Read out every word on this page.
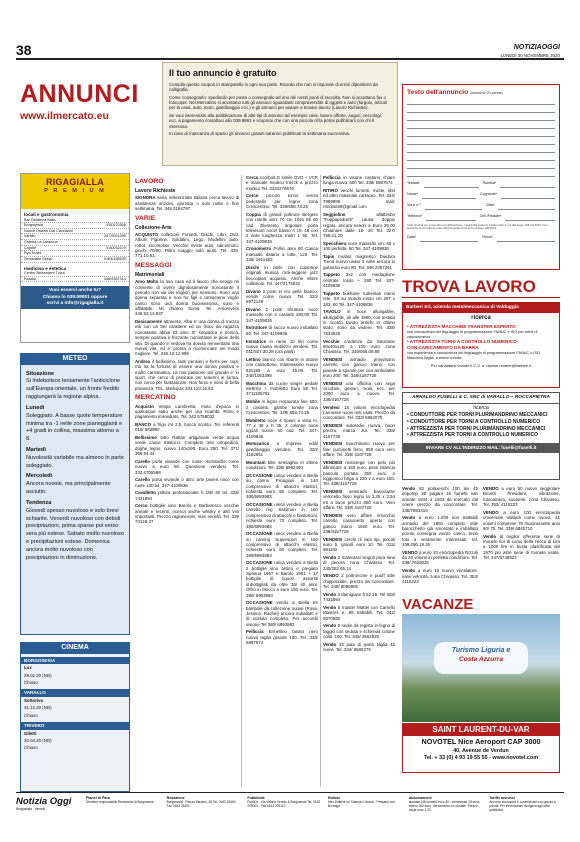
38	NOTIZIAOGGI
LUNEDÌ 30 NOVEMBRE 2020
ANNUNCI
www.ilmercato.eu
Il tuo annuncio è gratuito

Compila questo coupon in stampatello in ogni sua parte. Ricorda che non si risponde di errori dipendenti da calligrafia.

Come consegnarlo: spediscilo per posta o consegnalo ad uno dei nostri punti di raccolta. Non si accettano fax o fotocopie. Nel Mercatino si accettano tutti gli annunci riguardanti compravendite di oggetti e auto (furgoni, articoli per la casa, auto, moto, giardinaggio ecc.) e gli annunci per aiutare a trovare lavoro (Lavoro Richieste).

Se vuoi interessato alla pubblicazione di altri tipi di annunci ad esempio case, lavoro offerte, auguri, necrologi, ecc. a pagamento contattaci allo 039.9991 e scoprirai che con una piccola cifra potrai pubblicarli con chi ti interessa.

In caso di mancanza di spazio gli annunci gratuiti saranno pubblicati la settimana successiva.

Testo dell'annuncio (massimo 20 parole)
Testata*	Rubrica*
Nome*	Cognome*
Via e n°*	Città*
Telefono*	Cell./Fissiale*
I dati riportati per consentire la pubblicazione. I dati 1000 saranno trattati ai fini di cui alla legge 196 del 2003. Non autorizzo la raccolta dei miei dati personali ai fini di cui al Dlgs 196/2003.
Data*	Firma*
RIGAGIALLA
P R E M I U M
locali e gastronomia
Bar Gelateria Italia
Borgosesia	0163/22558
Nuove Osterie Dal Cacciatori
Varallo	347/9011395
Osteria La Lanterna
Coprile	0163/52379
Ryo Sushi
Serravalle Sesia	0163/458535
medicina e estetica
Centro Benessere Tulca
Rosaio	346/9387314
Vuoi essercì anche tu?
Chiama lo 039.99891 oppure
scrivi a info@rigagialla.it
METEO
Situazione
Si indebolisce lentamente l'anticiclone sull'Europa orientale, un fronte freddo raggiungerà la regione alpina.
Lunedì
Soleggiato. A basse quote temperature minima tra -1 nelle zone pianeggianti e +4 gradi in collina, massima attorno a 8.
Martedì
Nuvolosità variabile ma almeno in parte soleggiato.
Mercoledì
Ancora nuvole, ma principalmente asciutto.
Tendenza
Giovedì spesso nuvoloso e solo brevi schiarite. Venerdì nuvoloso con deboli precipitazioni, prima sparse poi verso sera più estese. Sabato molto nuvoloso e precipitazioni estese. Domenica ancora molto nuvoloso con precipitazioni in diminuzione.
CINEMA
BORGOSESIA
Lux
29.02.20 (ND)
Chiuso
VARALLO
Sottoriva
31.12.20 (ND)
Chiuso
TRIVERO
Giletti
30.04.20 (ND)
Chiuso
LAVORO
Lavoro Richieste

SIGNORA seria referenziata italiana cerca lavoro di assistenza anziani, giornata o solo notte e fine settimana. Tel. 345.0184797

VARIE
Collezione-Arte

ACQUISTO collezioni Fumetti, Dischi, Libri, Dvd, Album Figurine, Soldatini, Lego, Modellini auto, robot, locomotive. Vecchie riviste auto, calciomoto, giochi 70/80. Ritiro maggio solo aiuto. Tel. 329. 771.10.81.

MESSAGGI
Matrimoniali

Amo Molto la mia casa ed il lavoro che svolgo mi consente di vivere dignitosamente nonostante il periodo non sia dei migliori per nessuno. Sono una donna separata e non ho figli e tantomeno voglio carico sono una donna buonivissima, sono e affidabile. Mi chiamo Sonia. Tel. Amorevera 346.53.14.637

Decisamente attraente, Alba e' una donna di mezza età con un bel carattere ed un fisico da ragazza nonostante abbia 53 anni. E' simpatica e ironica, sempre positiva e frizzante nonostante le gioie della vita. Di quando e' vedova ha dovuto reinventarsi una nuova vita, ed e' pronta a ricominciare nel modo migliore. Tel. 346.13.12.999

Andrea il bellissimo, tanti pensieri e fermi per cupi, ma ha la fortuna di essere una donna positiva e molto carismatica. La mia passione più grande e' lo sport, che cerco di praticare per tenermi in forma, non cerco per fantasticare. Non fumo e sono di bella presenza. TEL. Meduyas 333.123.15.63

MERCATINO

Acquisto Vespa Lambretta, moto d'epoca in qualunque stato anche per uso ricambi. Ritiro e pagamento immediato. Tel. 342 5758032

BANCO a frigo mt 2,5, bocca sconto. Tel. referenti 015/ 883990

Bellissimo letto Rattan artigianale verde acqua verde cause traslocci. Completo rete ortopedica, doghe legno, nuovo 140x190. Euro 250. Tel. 371/ 368.94.44

Carello porta vivande con ruote otomatiche come nuovo a euro 50. Questione vendesi. Tel. 333.6705598

Carello porta vivande o altro arte poveri noce con ruote 130 tel. 347-4109836

Cavalletto pittura professionale h 190 40 tel. 328/ 7431894

Cerco bottiglie vino Barolo e Barbaresco vecchie annate e recenti, ricerca anche whisky e altri vini importanti. Prezzo ragionevole, max serietà. Tel. 339 7311B.27

Cerco combo/LG simile DVD + VCR e manuale medico merck a prezzo modico Tel. 3334276676

Cerco piccolo torcio senza pedestallo per legno zona Crescentino. Tel. 339/658.73.26

Coppia di grandi poltrone Bergere con rotelle anni 70 cm 102x 85 60 cad. Elemento angolare porta televisore noce/ basso h cm 48 con 2 ante lunghezza metri 1 60. Tel. 347-4109836

Cronometro Pollici anni 80 Carica manuale datario a lotte, 120. Tel. 328/ 1611483

Dischi in vinile con copertine originali musica rock-leggere jazz beccopian acquisto. Anche intere collezioni. Tel. 347/3175032

Divano 2 posti in ero pelle bianco, vende come nuovo. Tel. 320/ 6972129

Divano 2 posti sfruttura noce massello con 2 cassetti 180,00 Tel. 347-4109836

Estruttore di succo nuovo imballato 80. Tel. 347-4109836

Inoratrice in rame 10 litri come nuova causa inutilizzo vendesi. Tel. 011/927.30.28 (ora pasti)

Lettino bianco con sbarre in ottone con cassettone, materassino nuovo 82x155 a euro 45.00. Tel. 340/1053399

Macchina da cucire singer pedale elettrico + mobiletto Euro 50 Tel. 3711195761

Mobile in legno restaurata fine 600, 2 cassetti, gambe tornite zona Crescentino. Tel. 339/ 658.73.26

Mobiletto noce 4 ripiani a vista m. 77 x 48 x h 35. 2 colonne noce uguali nuove 60 cad. Tel. 347-4109836

Motocarico a imprese edili/ giardinaggio vendesi. Tel. 320/ 4182951

Mountain bike semiaghio in ottime condizioni. Tel. 339/ 6982400

OCCASIONE unica vendesi a Biella su carino Pisiogiovi in 140 comprensivo di attacchi elastici, richiesta euro 80 completo. Tel. 380/6993983

OCCASIONE unica vendesi a Biella carrello reg Salomon in 160 comprensivo di attacchi e bastoncini, richiesta euro 70 completo. Tel. 380/6993983

OCCASIONE unica vendesi a Biella su carving Supersport in 160 comprensivo di attacchi elastici, richiesta euro 60 completo. Tel. 380/6993983

OCCASIONE unica vendesi a Biella 2 bottiglie vino antico e pregiato Spanna 1967 e Barolo 1961 + 17 bottiglie di liquori assortiti imbottigliati da oltre 35/ 40 anni. Offro in blocco a euro 150 euro. Tel. 380/ 6993983

OCCASIONE vendo a Biella tre bambole da collezione nuove (Rosa, Jessica, Rachel) ancora imballate e di scatola completa. Per accordi/ visione Tel 380/ 6993983

Pelliccia Ermellino rasato nero nuova taglia grande 100. Tel. 338/ 5887574

Pelliccia in visone castano chiaro lunga nuova. 600 Tel. 338/ 5887574

RITIRO vecchi fumetti, riviste, libri ed altro materiale cartaceo. Tel. 334/ 7989898 mail: ritirolari59@gmail.com

Seggiolino	allattimbo "Foppapedretti" causa doppio regalo, ancora vendo a Euro 35,00 Chiamare dalle 18- 20 Tel. 327/ 768.21.20

Specchiera noce massello cm. 60 x 100 perfetta. 50 Tel. 347-4109836

Tapis roulant magnetico Diadora Trend nuovo usato 3 volte ancora in garanzia euro 80. Tel. 348.2367361

Tappeto 3x2 con medaglione centrale rosso + 280 Tel. 347-4109836

Tappeto bukhara- turkestan mersi rele. XX su stondo rosso cm 257 x 183. 60 Tel. 347-4109836

TAVOLO in noce allungabile, allungabile, ali alle 1960, con testata in ricordo tavolo antichi in ottimo stato, sono da vedere. Tel. 338/ 7633026

Vecchie credenza da ristorante 80x40x120 a 100 euro zona Chivasso. Tel. 349/068.09.68

VENDESI armadio provvisorio carrello con gancio traino, con pianale a sponde per uso ambulante euro 200. Tel. 338/4167728

VENDESI una officina con sega circolare, gestori, mola, ecc. per 2000 euro a nuovo. Tel. 338/4167728

Vendesi 15 volumi enciclopedia Larousse nuovi mai usati. Prezzo da concordare. Tel. 333/ 6962070

VENDESI autoradio nuova, buon prezzo, marca JuI. Tel. 338/ 4167728

VENDESI macchinario nuovo per fare cuscinetti ferro, 850 euro vero affare. Tel. 338/ 4167728

VENDESI motosega con pelo più allinimare a 150 euro, pese bilancia bascula portata 350 euro o loggionico briga a 220 v a euro 150. Tel. 338/4167728

VENDESI semirado bascularite verricello fisso legno la 3,35 x 2,54 mt a buon prezzo 650 euro. Vero affare. Tel. 338/ 4167728

VENDESI vero affare rimorchio carrello cassonetto aperto con gancio traino 1500 euro. Tel. 338/4167728

VENDESI cerchi di varii tipi, piccoli euro 5, grandi euro 10. Tel. 015/ 881182

Vendo 2 materassi singoli pura lana di pecora zona Chivasso. Tel. 340/352.65.14

VENDO 2 poltroncine e pouff stile chippendale, prezzo da concordare. Tel. 340/ 8086905

Vendo 3 damigiane lt 52 15. Tel 328/ 7431894

Vendo 5 master Mattel con Carrello Masters e. 85 trattabili. Tel. 342/ 0570590

Vendo 5 sedie da regista in legno di faggio con seduta e schienali cotone colla. 100. Tel. 345/ 3562920

Vendo 15 paia di jeans taglia 42 nuovi. Tel. 334/ 8588279

TROVA LAVORO
Barberi Srl, azienda metalmeccanica di Valduggia
ricerca
• ATTREZZISTA MACCHINE TRANSFER ESPERTO
con conoscenza del linguaggio di programmazione FANUC e ISO per robot di carico/scarico
• ATTREZZISTA TORNI A CONTROLLO NUMERICO
CON CARICAMENTO DA BARRA
con esperienza e conoscenza del linguaggio di programmazione FANUC o ISO. Macchine Biglia, a torline mobile
Per candidarsi inviare il C.V. a: risorse.umane@barberi.it
ARNALDO FUSELLI & C. SNC di VARALLO – ROCCAPIETRA
ricerca
• CONDUTTORE PER TORNI PLURIMANDRINO MECCANICI
• CONDUTTORE PER TORNI A CONTROLLO NUMERICO
• ATTREZZISTA PER TORNI PLURIMANDRINO MECCANICI
• ATTREZZISTA PER TORNI A CONTROLLO NUMERICO
INVIARE CV ALL'INDIRIZZO MAIL: fuselli@fuselli.it

Vendo 82 polaxeschi 100 lex 45 dopomp 30 pagani 15 fumetti vari annate 1934 a 1933 da mercato dal oriere prezzo da concordare. Tel. 338/7893419

Vendo a euro 1.200 non trattabili armadio del 1800 completo stile barocchetto già smontato e imballato pronto consegna vostro carico. Invio foto a veramente interessati. tel. 338.296.18.26

VENDO a euro 10 enciclopedia Rizzoli da 20 volumi in perfetta condizioni. Tel. 338/ 7633026

Vendo a euro 10 nuovo ventilatore, varie velocità, zona Chivasso. Tel. 353/ 4115223

VENDO a euro 50 nuovo seggiolare Brondi President, vibrazione, fotocamera, suonerie, zona Chivasso. Tel. 353/ 4115223

VENDO a euro 100 enciclopedia universale Vallardi come nuova, 21 volumi comprese 70 musicassette anni 60/ 70. Tel. 339/ 6845710

Vendo al miglior offerente serie di monete fior di conio della zecca di Lira a 1000 lire in busta plastificata del 1970 più altre serie di monete usate. Tel. 347/5748822

VACANZE
Turismo Liguria e
Costa Azzurra
SAINT LAURENT-DU-VAR
NOVOTEL Nice Aeroport CAP 3000
40, Avenue de Verdun
Tel. + 33 (0) 4 93 19 55 55 - www.novotel.com
Notizia Oggi
Borgosesia · Vercelli
Planet di Para
Direttore responsabile Redazione di Borgosesia
Redazione
Borgosesia - Piazza Mazzini, 35 Tel. 0163 25469 - Fax 0163 25441
Pubblicità
PubliOr - Via Vittorio Veneto 6 Borgosesia Tel. 0163 209000 - Fax 0163 209110
Editore
Mex Editrice srl Stampa: Litosud - Pessano con Bornago
Abbonamenti
annuale (48 numeri) euro 30 - semestrale 19 euro; estero 160 euro. Versamento c/c postale. Prezzo copia euro 1.20.
Tariffe annunci
Annunci economici e commerciali con prezzo a parola. Per informazioni rivolgersi agli uffici pubblicità.
